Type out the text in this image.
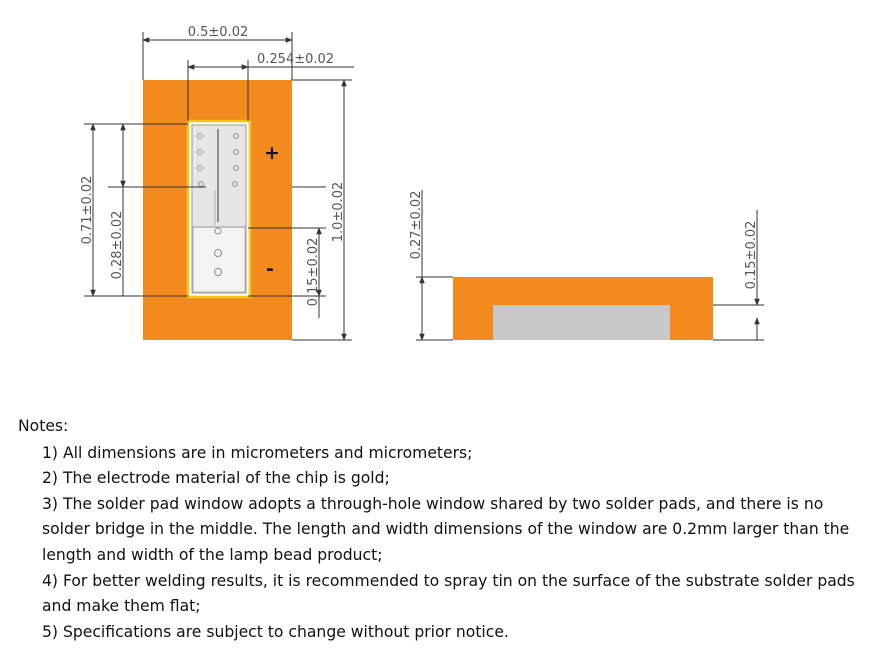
+
-
0.5±0.02
0.254±0.02
0.71±0.02
0.28±0.02	0.15±0.02
1.0±0.02	0.27±0.02	0.15±0.02
Notes:
1) All dimensions are in micrometers and micrometers;
2) The electrode material of the chip is gold;
3) The solder pad window adopts a through-hole window shared by two solder pads, and there is no solder bridge in the middle. The length and width dimensions of the window are 0.2mm larger than the length and width of the lamp bead product;
4) For better welding results, it is recommended to spray tin on the surface of the substrate solder pads and make them flat;
5) Specifications are subject to change without prior notice.
